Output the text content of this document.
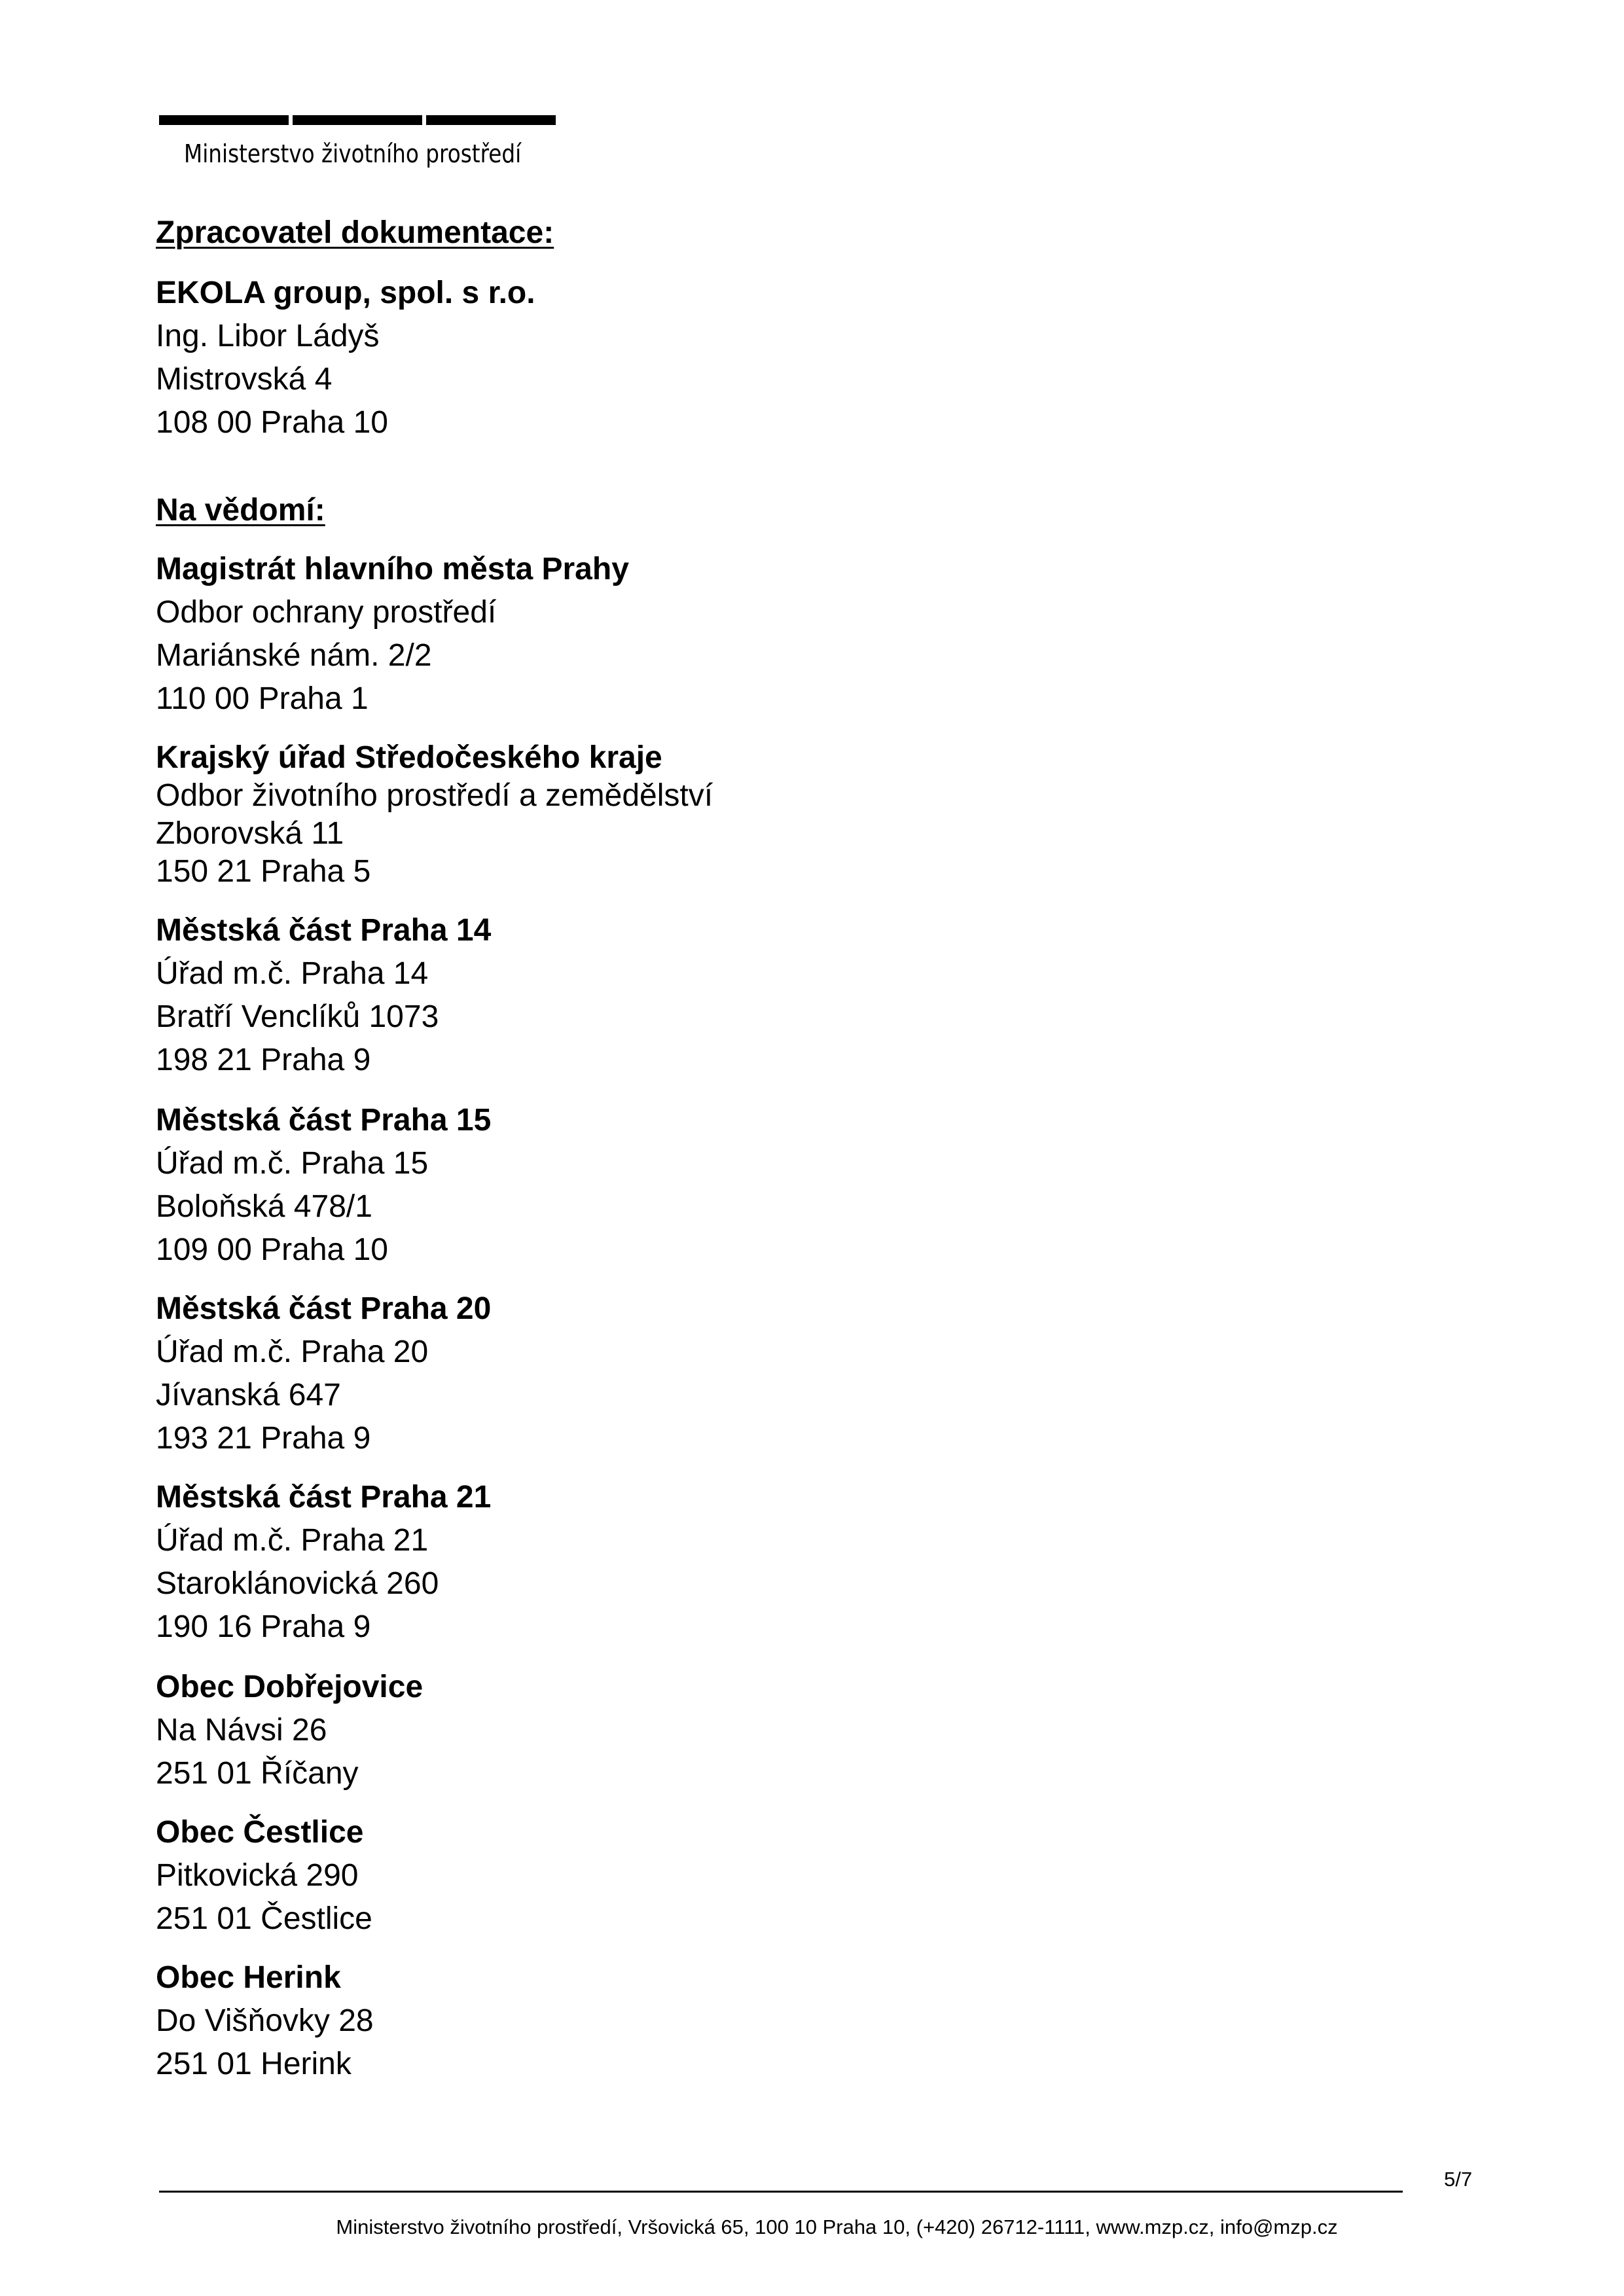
Ministerstvo životního prostředí
Zpracovatel dokumentace:
EKOLA group, spol. s r.o.
Ing. Libor Ládyš
Mistrovská 4
108 00 Praha 10
Na vědomí:
Magistrát hlavního města Prahy
Odbor ochrany prostředí
Mariánské nám. 2/2
110 00 Praha 1
Krajský úřad Středočeského kraje
Odbor životního prostředí a zemědělství
Zborovská 11
150 21 Praha 5
Městská část Praha 14
Úřad m.č. Praha 14
Bratří Venclíků 1073
198 21 Praha 9
Městská část Praha 15
Úřad m.č. Praha 15
Boloňská 478/1
109 00 Praha 10
Městská část Praha 20
Úřad m.č. Praha 20
Jívanská 647
193 21 Praha 9
Městská část Praha 21
Úřad m.č. Praha 21
Staroklánovická 260
190 16 Praha 9
Obec Dobřejovice
Na Návsi 26
251 01 Říčany
Obec Čestlice
Pitkovická 290
251 01 Čestlice
Obec Herink
Do Višňovky 28
251 01 Herink
5/7
Ministerstvo životního prostředí, Vršovická 65, 100 10 Praha 10, (+420) 26712-1111, www.mzp.cz, info@mzp.cz
